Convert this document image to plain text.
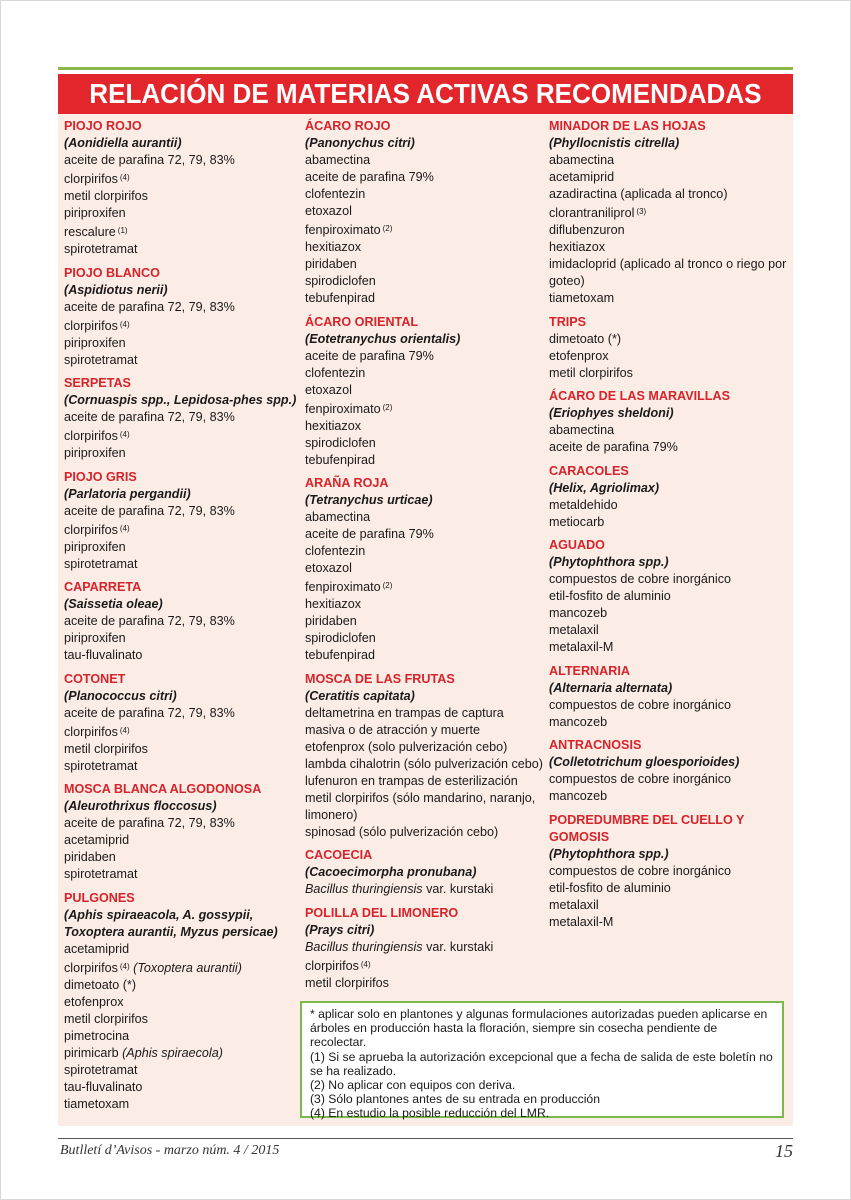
RELACIÓN DE MATERIAS ACTIVAS RECOMENDADAS
PIOJO ROJO
(Aonidiella aurantii)
aceite de parafina 72, 79, 83%
clorpirifos $^{(4)}$
metil clorpirifos
piriproxifen
rescalure $^{(1)}$
spirotetramat
PIOJO BLANCO
(Aspidiotus nerii)
aceite de parafina 72, 79, 83%
clorpirifos $^{(4)}$
piriproxifen
spirotetramat
SERPETAS
(Cornuaspis spp., Lepidosa-phes spp.)
aceite de parafina 72, 79, 83%
clorpirifos $^{(4)}$
piriproxifen
PIOJO GRIS
(Parlatoria pergandii)
aceite de parafina 72, 79, 83%
clorpirifos $^{(4)}$
piriproxifen
spirotetramat
CAPARRETA
(Saissetia oleae)
aceite de parafina 72, 79, 83%
piriproxifen
tau-fluvalinato
COTONET
(Planococcus citri)
aceite de parafina 72, 79, 83%
clorpirifos $^{(4)}$
metil clorpirifos
spirotetramat
MOSCA BLANCA ALGODONOSA
(Aleurothrixus floccosus)
aceite de parafina 72, 79, 83%
acetamiprid
piridaben
spirotetramat
PULGONES
(Aphis spiraeacola, A. gossypii, Toxoptera aurantii, Myzus persicae)
acetamiprid
clorpirifos $^{(4)}$ (Toxoptera aurantii)
dimetoato (*)
etofenprox
metil clorpirifos
pimetrocina
pirimicarb (Aphis spiraecola)
spirotetramat
tau-fluvalinato
tiametoxam
ÁCARO ROJO
(Panonychus citri)
abamectina
aceite de parafina 79%
clofentezin
etoxazol
fenpiroximato $^{(2)}$
hexitiazox
piridaben
spirodiclofen
tebufenpirad
ÁCARO ORIENTAL
(Eotetranychus orientalis)
aceite de parafina 79%
clofentezin
etoxazol
fenpiroximato $^{(2)}$
hexitiazox
spirodiclofen
tebufenpirad
ARAÑA ROJA
(Tetranychus urticae)
abamectina
aceite de parafina 79%
clofentezin
etoxazol
fenpiroximato $^{(2)}$
hexitiazox
piridaben
spirodiclofen
tebufenpirad
MOSCA DE LAS FRUTAS
(Ceratitis capitata)
deltametrina en trampas de captura masiva o de atracción y muerte
etofenprox (solo pulverización cebo)
lambda cihalotrin (sólo pulverización cebo)
lufenuron en trampas de esterilización
metil clorpirifos (sólo mandarino, naranjo, limonero)
spinosad (sólo pulverización cebo)
CACOECIA
(Cacoecimorpha pronubana)
Bacillus thuringiensis var. kurstaki
POLILLA DEL LIMONERO
(Prays citri)
Bacillus thuringiensis var. kurstaki
clorpirifos $^{(4)}$
metil clorpirifos
MINADOR DE LAS HOJAS
(Phyllocnistis citrella)
abamectina
acetamiprid
azadiractina (aplicada al tronco)
clorantraniliprol $^{(3)}$
diflubenzuron
hexitiazox
imidacloprid (aplicado al tronco o riego por goteo)
tiametoxam
TRIPS
dimetoato (*)
etofenprox
metil clorpirifos
ÁCARO DE LAS MARAVILLAS
(Eriophyes sheldoni)
abamectina
aceite de parafina 79%
CARACOLES
(Helix, Agriolimax)
metaldehido
metiocarb
AGUADO
(Phytophthora spp.)
compuestos de cobre inorgánico
etil-fosfito de aluminio
mancozeb
metalaxil
metalaxil-M
ALTERNARIA
(Alternaria alternata)
compuestos de cobre inorgánico
mancozeb
ANTRACNOSIS
(Colletotrichum gloesporioides)
compuestos de cobre inorgánico
mancozeb
PODREDUMBRE DEL CUELLO Y GOMOSIS
(Phytophthora spp.)
compuestos de cobre inorgánico
etil-fosfito de aluminio
metalaxil
metalaxil-M
* aplicar solo en plantones y algunas formulaciones autorizadas pueden aplicarse en árboles en producción hasta la floración, siempre sin cosecha pendiente de recolectar.
(1) Si se aprueba la autorización excepcional que a fecha de salida de este boletín no se ha realizado.
(2) No aplicar con equipos con deriva.
(3) Sólo plantones antes de su entrada en producción
(4) En estudio la posible reducción del LMR.
Butlletí d’Avisos - marzo núm. 4 / 2015	15
